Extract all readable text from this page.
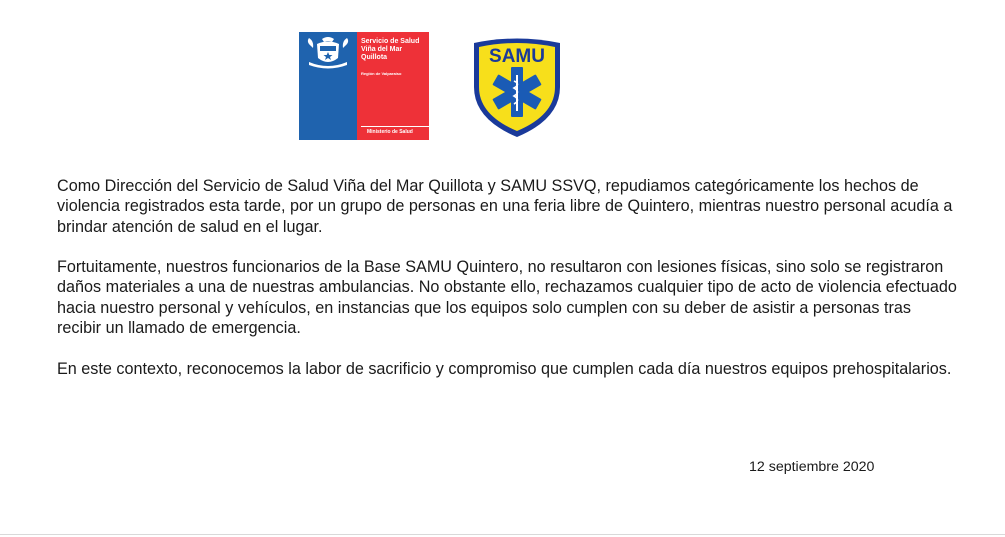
Servicio de Salud
Viña del Mar
Quillota
Región de Valparaíso
Ministerio de Salud
SAMU

Como Dirección del Servicio de Salud Viña del Mar Quillota y SAMU SSVQ, repudiamos categóricamente los hechos de violencia registrados esta tarde, por un grupo de personas en una feria libre de Quintero, mientras nuestro personal acudía a brindar atención de salud en el lugar.

Fortuitamente, nuestros funcionarios de la Base SAMU Quintero, no resultaron con lesiones físicas, sino solo se registraron daños materiales a una de nuestras ambulancias. No obstante ello, rechazamos cualquier tipo de acto de violencia efectuado hacia nuestro personal y vehículos, en instancias que los equipos solo cumplen con su deber de asistir a personas tras recibir un llamado de emergencia.

En este contexto, reconocemos la labor de sacrificio y compromiso que cumplen cada día nuestros equipos prehospitalarios.

12 septiembre 2020
